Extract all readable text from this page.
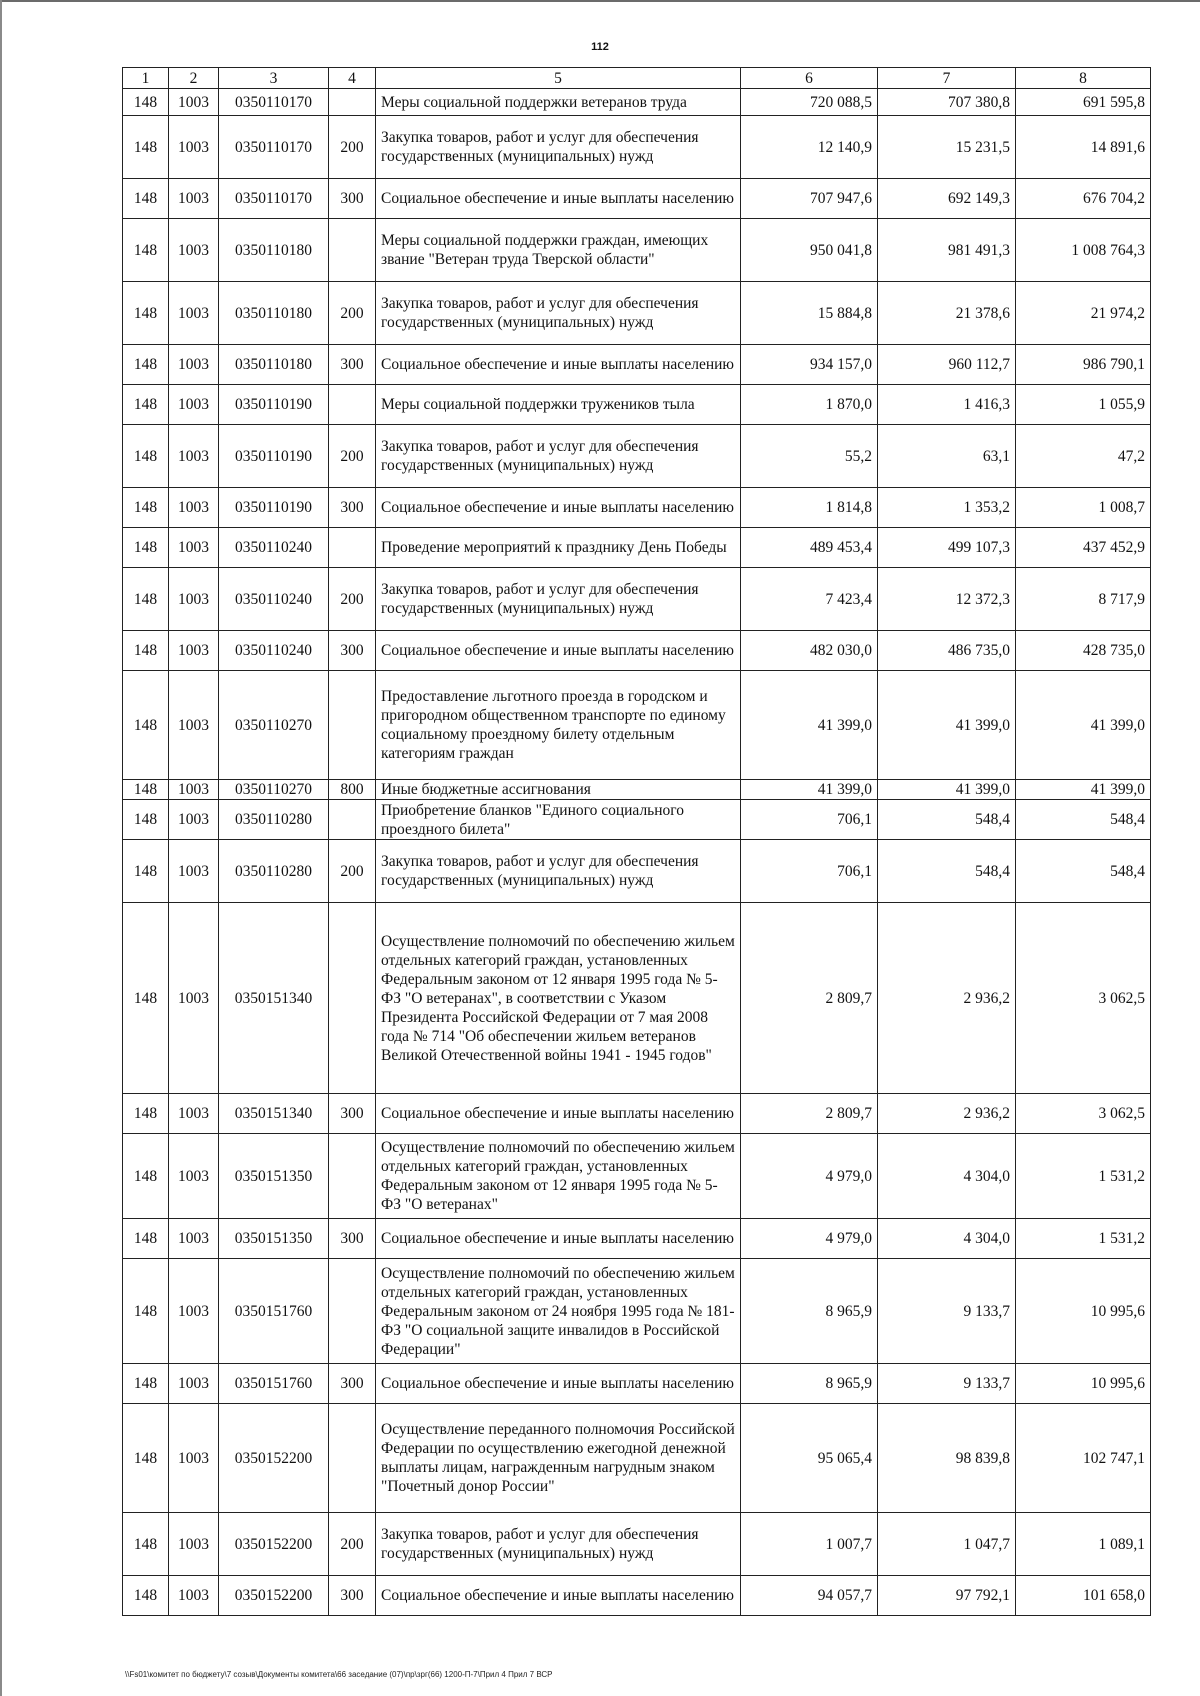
112
1	2	3	4	5	6	7	8
148	1003	0350110170		Меры социальной поддержки ветеранов труда	720 088,5	707 380,8	691 595,8
148	1003	0350110170	200	Закупка товаров, работ и услуг для обеспечения государственных (муниципальных) нужд	12 140,9	15 231,5	14 891,6
148	1003	0350110170	300	Социальное обеспечение и иные выплаты населению	707 947,6	692 149,3	676 704,2
148	1003	0350110180		Меры социальной поддержки граждан, имеющих звание "Ветеран труда Тверской области"	950 041,8	981 491,3	1 008 764,3
148	1003	0350110180	200	Закупка товаров, работ и услуг для обеспечения государственных (муниципальных) нужд	15 884,8	21 378,6	21 974,2
148	1003	0350110180	300	Социальное обеспечение и иные выплаты населению	934 157,0	960 112,7	986 790,1
148	1003	0350110190		Меры социальной поддержки тружеников тыла	1 870,0	1 416,3	1 055,9
148	1003	0350110190	200	Закупка товаров, работ и услуг для обеспечения государственных (муниципальных) нужд	55,2	63,1	47,2
148	1003	0350110190	300	Социальное обеспечение и иные выплаты населению	1 814,8	1 353,2	1 008,7
148	1003	0350110240		Проведение мероприятий к празднику День Победы	489 453,4	499 107,3	437 452,9
148	1003	0350110240	200	Закупка товаров, работ и услуг для обеспечения государственных (муниципальных) нужд	7 423,4	12 372,3	8 717,9
148	1003	0350110240	300	Социальное обеспечение и иные выплаты населению	482 030,0	486 735,0	428 735,0
148	1003	0350110270		Предоставление льготного проезда в городском и пригородном общественном транспорте по единому социальному проездному билету отдельным категориям граждан	41 399,0	41 399,0	41 399,0
148	1003	0350110270	800	Иные бюджетные ассигнования	41 399,0	41 399,0	41 399,0
148	1003	0350110280		Приобретение бланков "Единого социального проездного билета"	706,1	548,4	548,4
148	1003	0350110280	200	Закупка товаров, работ и услуг для обеспечения государственных (муниципальных) нужд	706,1	548,4	548,4
148	1003	0350151340		Осуществление полномочий по обеспечению жильем отдельных категорий граждан, установленных Федеральным законом от 12 января 1995 года № 5-ФЗ "О ветеранах", в соответствии с Указом Президента Российской Федерации от 7 мая 2008 года № 714 "Об обеспечении жильем ветеранов Великой Отечественной войны 1941 - 1945 годов"	2 809,7	2 936,2	3 062,5
148	1003	0350151340	300	Социальное обеспечение и иные выплаты населению	2 809,7	2 936,2	3 062,5
148	1003	0350151350		Осуществление полномочий по обеспечению жильем отдельных категорий граждан, установленных Федеральным законом от 12 января 1995 года № 5-ФЗ "О ветеранах"	4 979,0	4 304,0	1 531,2
148	1003	0350151350	300	Социальное обеспечение и иные выплаты населению	4 979,0	4 304,0	1 531,2
148	1003	0350151760		Осуществление полномочий по обеспечению жильем отдельных категорий граждан, установленных Федеральным законом от 24 ноября 1995 года № 181-ФЗ "О социальной защите инвалидов в Российской Федерации"	8 965,9	9 133,7	10 995,6
148	1003	0350151760	300	Социальное обеспечение и иные выплаты населению	8 965,9	9 133,7	10 995,6
148	1003	0350152200		Осуществление переданного полномочия Российской Федерации по осуществлению ежегодной денежной выплаты лицам, награжденным нагрудным знаком "Почетный донор России"	95 065,4	98 839,8	102 747,1
148	1003	0350152200	200	Закупка товаров, работ и услуг для обеспечения государственных (муниципальных) нужд	1 007,7	1 047,7	1 089,1
148	1003	0350152200	300	Социальное обеспечение и иные выплаты населению	94 057,7	97 792,1	101 658,0
\\Fs01\комитет по бюджету\7 созыв\Документы комитета\66 заседание (07)\пр\зрг(66) 1200-П-7\Прил 4 Прил 7 ВСР
